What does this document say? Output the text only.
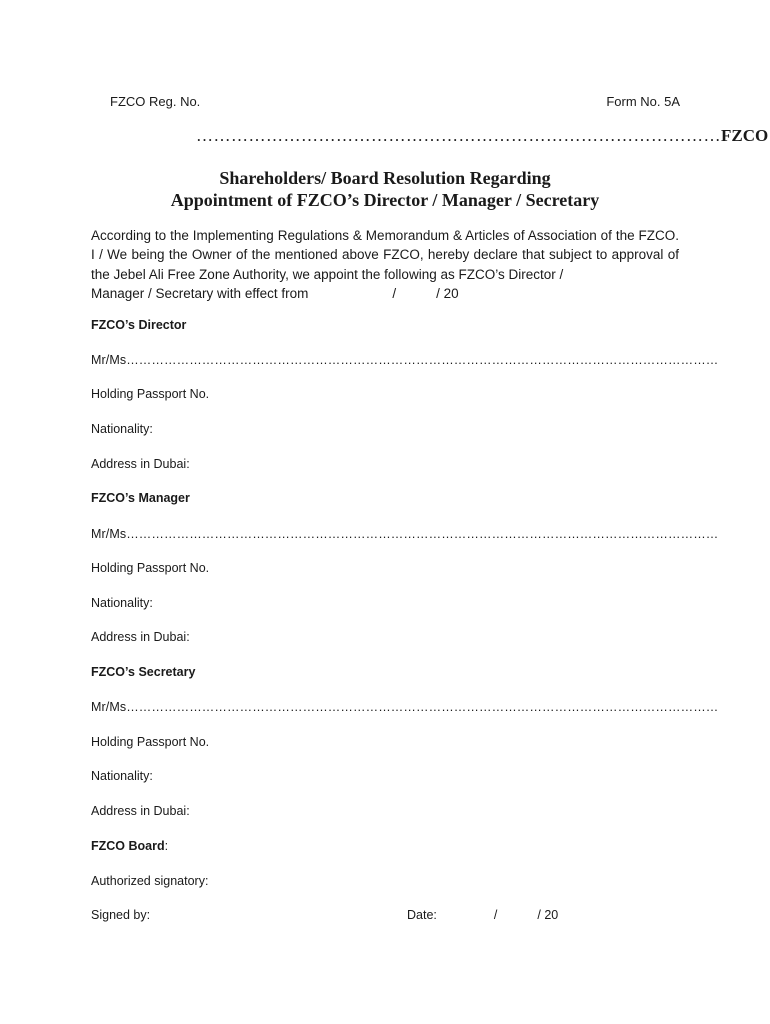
FZCO Reg. No.	Form No. 5A
………………………………………………………………………………FZCO
Shareholders/ Board Resolution Regarding
Appointment of FZCO’s Director / Manager / Secretary

According to the Implementing Regulations & Memorandum & Articles of Association of the FZCO. I / We being the Owner of the mentioned above FZCO, hereby declare that subject to approval of the Jebel Ali Free Zone Authority, we appoint the following as FZCO’s Director /

Manager / Secretary with effect from	/	/ 20
FZCO’s Director
Mr/Ms……………………………………………………………………………………………………………………………
Holding Passport No.
Nationality:
Address in Dubai:
FZCO’s Manager
Mr/Ms……………………………………………………………………………………………………………………………
Holding Passport No.
Nationality:
Address in Dubai:
FZCO’s Secretary
Mr/Ms……………………………………………………………………………………………………………………………
Holding Passport No.
Nationality:
Address in Dubai:
FZCO Board:
Authorized signatory:
Signed by:	Date:	/	/ 20
